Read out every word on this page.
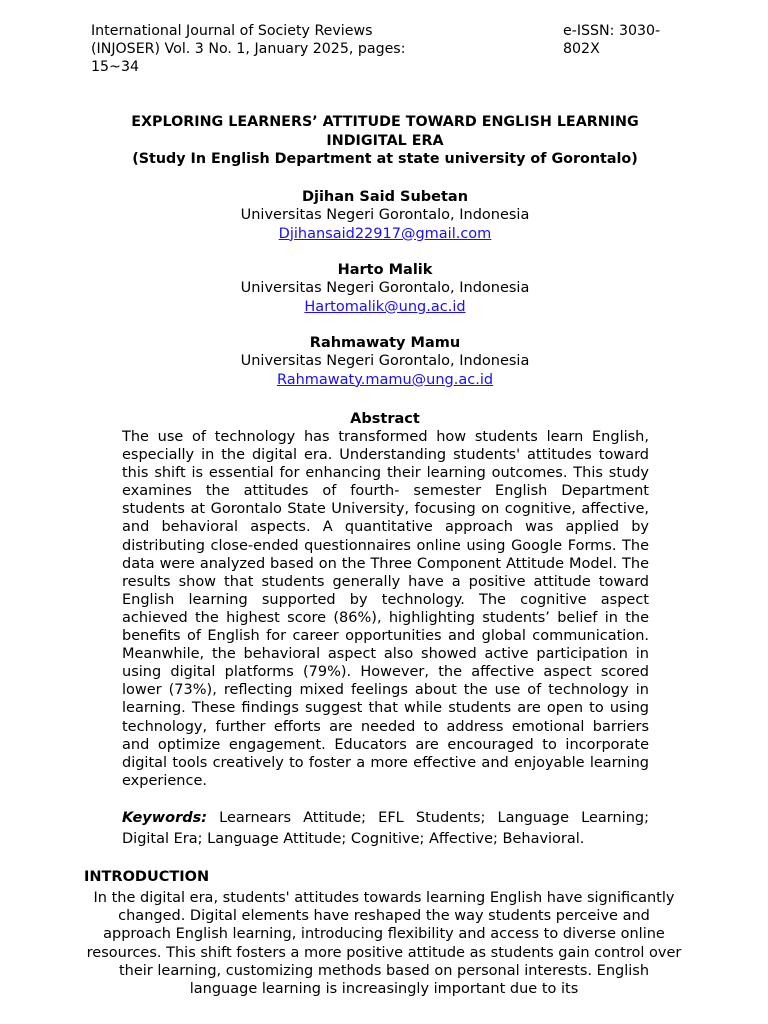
International Journal of Society Reviews (INJOSER) Vol. 3 No. 1, January 2025, pages: 15~34
e-ISSN: 3030-802X
EXPLORING LEARNERS’ ATTITUDE TOWARD ENGLISH LEARNING INDIGITAL ERA
(Study In English Department at state university of Gorontalo)
Djihan Said Subetan
Universitas Negeri Gorontalo, Indonesia
Djihansaid22917@gmail.com
Harto Malik
Universitas Negeri Gorontalo, Indonesia
Hartomalik@ung.ac.id
Rahmawaty Mamu
Universitas Negeri Gorontalo, Indonesia
Rahmawaty.mamu@ung.ac.id
Abstract
The use of technology has transformed how students learn English, especially in the digital era. Understanding students' attitudes toward this shift is essential for enhancing their learning outcomes. This study examines the attitudes of fourth- semester English Department students at Gorontalo State University, focusing on cognitive, affective, and behavioral aspects. A quantitative approach was applied by distributing close-ended questionnaires online using Google Forms. The data were analyzed based on the Three Component Attitude Model. The results show that students generally have a positive attitude toward English learning supported by technology. The cognitive aspect achieved the highest score (86%), highlighting students’ belief in the benefits of English for career opportunities and global communication. Meanwhile, the behavioral aspect also showed active participation in using digital platforms (79%). However, the affective aspect scored lower (73%), reflecting mixed feelings about the use of technology in learning. These findings suggest that while students are open to using technology, further efforts are needed to address emotional barriers and optimize engagement. Educators are encouraged to incorporate digital tools creatively to foster a more effective and enjoyable learning experience.
Keywords: Learnears Attitude; EFL Students; Language Learning; Digital Era; Language Attitude; Cognitive; Affective; Behavioral.
INTRODUCTION
In the digital era, students' attitudes towards learning English have significantly changed. Digital elements have reshaped the way students perceive and approach English learning, introducing flexibility and access to diverse online resources. This shift fosters a more positive attitude as students gain control over their learning, customizing methods based on personal interests. English language learning is increasingly important due to its
